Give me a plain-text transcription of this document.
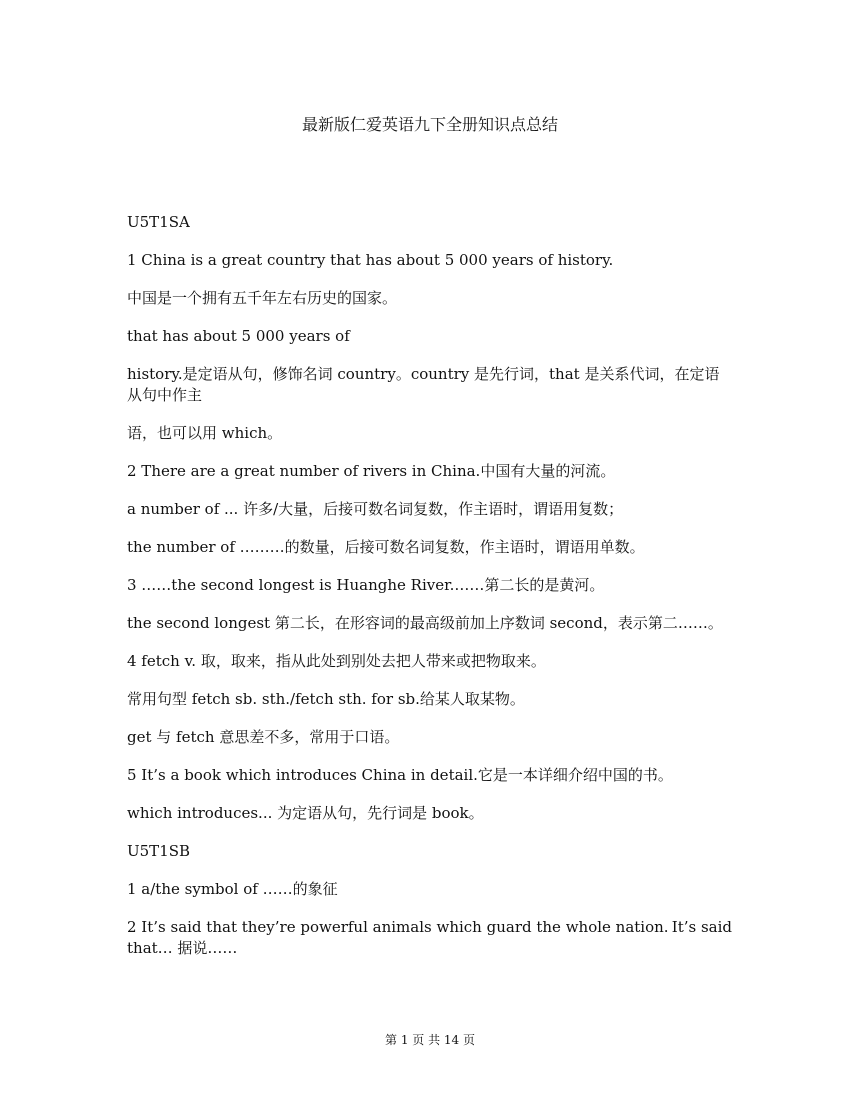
最新版仁爱英语九下全册知识点总结

U5T1SA

1 China is a great country that has about 5 000 years of history.

中国是一个拥有五千年左右历史的国家。

that has about 5 000 years of

history.是定语从句，修饰名词 country。country 是先行词，that 是关系代词，在定语从句中作主

语，也可以用 which。

2 There are a great number of rivers in China.中国有大量的河流。

a number of ... 许多/大量，后接可数名词复数，作主语时，谓语用复数；

the number of ………的数量，后接可数名词复数，作主语时，谓语用单数。

3 ……the second longest is Huanghe River.……第二长的是黄河。

the second longest 第二长，在形容词的最高级前加上序数词 second，表示第二……。

4 fetch v. 取，取来，指从此处到别处去把人带来或把物取来。

常用句型 fetch sb. sth./fetch sth. for sb.给某人取某物。

get 与 fetch 意思差不多，常用于口语。

5 It’s a book which introduces China in detail.它是一本详细介绍中国的书。

which introduces... 为定语从句，先行词是 book。

U5T1SB

1 a/the symbol of ……的象征

2 It’s said that they’re powerful animals which guard the whole nation. It’s said
that… 据说……
第 1 页 共 14 页
